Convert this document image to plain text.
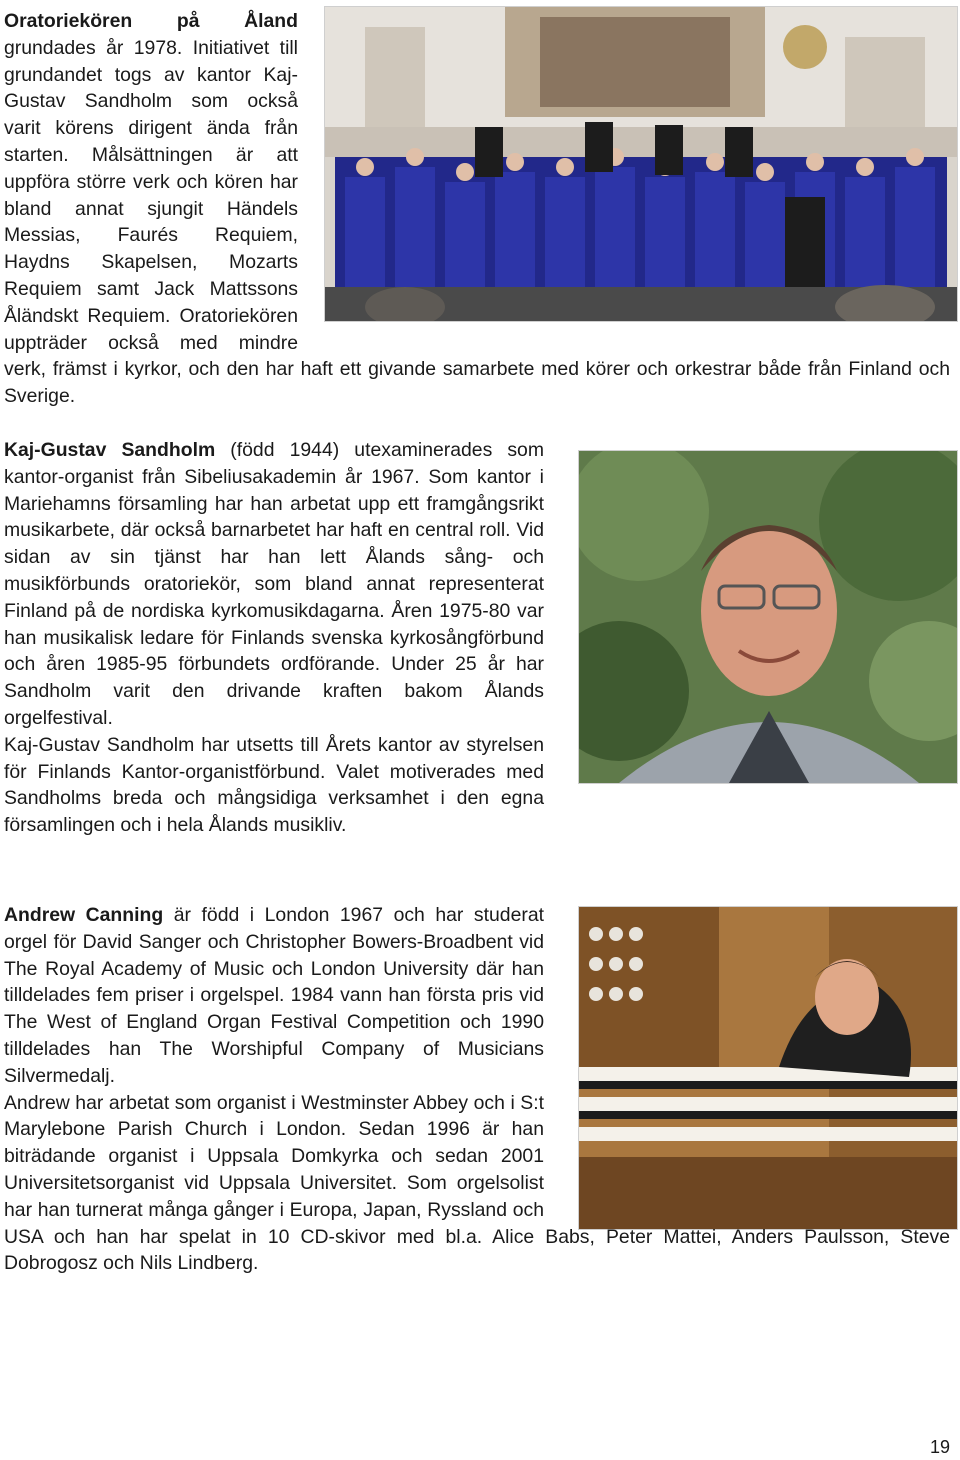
Oratoriekören på Åland grundades år 1978. Initiativet till grundandet togs av kantor Kaj-Gustav Sandholm som också varit körens dirigent ända från starten. Målsättningen är att uppföra större verk och kören har bland annat sjungit Händels Messias, Faurés Requiem, Haydns Skapelsen, Mozarts Requiem samt Jack Mattssons Åländskt Requiem. Oratoriekören uppträder också med mindre verk, främst i kyrkor, och den har haft ett givande samarbete med körer och orkestrar både från Finland och Sverige.

Kaj-Gustav Sandholm (född 1944) utexaminerades som kantor-organist från Sibeliusakademin år 1967. Som kantor i Mariehamns församling har han arbetat upp ett framgångsrikt musikarbete, där också barnarbetet har haft en central roll. Vid sidan av sin tjänst har han lett Ålands sång- och musikförbunds oratoriekör, som bland annat representerat Finland på de nordiska kyrkomusikdagarna. Åren 1975-80 var han musikalisk ledare för Finlands svenska kyrkosångförbund och åren 1985-95 förbundets ordförande. Under 25 år har Sandholm varit den drivande kraften bakom Ålands orgelfestival.

Kaj-Gustav Sandholm har utsetts till Årets kantor av styrelsen för Finlands Kantor-organistförbund. Valet motiverades med Sandholms breda och mångsidiga verksamhet i den egna församlingen och i hela Ålands musikliv.

Andrew Canning är född i London 1967 och har studerat orgel för David Sanger och Christopher Bowers-Broadbent vid The Royal Academy of Music och London University där han tilldelades fem priser i orgelspel. 1984 vann han första pris vid The West of England Organ Festival Competition och 1990 tilldelades han The Worshipful Company of Musicians Silvermedalj.

Andrew har arbetat som organist i Westminster Abbey och i S:t Marylebone Parish Church i London. Sedan 1996 är han biträdande organist i Uppsala Domkyrka och sedan 2001 Universitetsorganist vid Uppsala Universitet. Som orgelsolist har han turnerat många gånger i Europa, Japan, Ryssland och USA och han har spelat in 10 CD-skivor med bl.a. Alice Babs, Peter Mattei, Anders Paulsson, Steve Dobrogosz och Nils Lindberg.

19
